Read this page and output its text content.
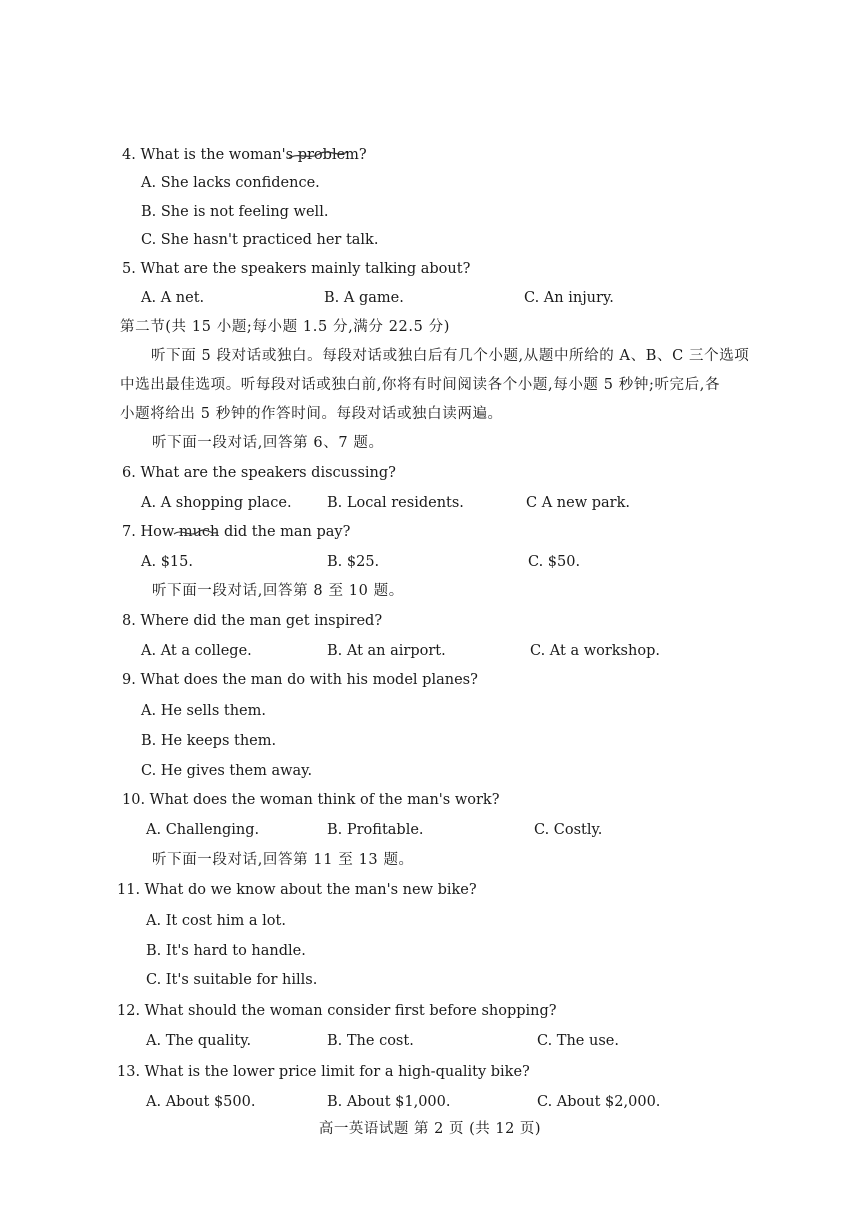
4. What is the woman's problem?
A. She lacks confidence.
B. She is not feeling well.
C. She hasn't practiced her talk.
5. What are the speakers mainly talking about?
A. A net.	B. A game.	C. An injury.
第二节(共 15 小题;每小题 1.5 分,满分 22.5 分)
听下面 5 段对话或独白。每段对话或独白后有几个小题,从题中所给的 A、B、C 三个选项
中选出最佳选项。听每段对话或独白前,你将有时间阅读各个小题,每小题 5 秒钟;听完后,各
小题将给出 5 秒钟的作答时间。每段对话或独白读两遍。
听下面一段对话,回答第 6、7 题。
6. What are the speakers discussing?
A. A shopping place. B. Local residents.	C A new park.
7. How much did the man pay?
A. $15.	B. $25.	C. $50.
听下面一段对话,回答第 8 至 10 题。
8. Where did the man get inspired?
A. At a college.	B. At an airport.	C. At a workshop.
9. What does the man do with his model planes?
A. He sells them.
B. He keeps them.
C. He gives them away.
10. What does the woman think of the man's work?
A. Challenging.	B. Profitable.	C. Costly.
听下面一段对话,回答第 11 至 13 题。
11. What do we know about the man's new bike?
A. It cost him a lot.
B. It's hard to handle.
C. It's suitable for hills.
12. What should the woman consider first before shopping?
A. The quality.	B. The cost.	C. The use.
13. What is the lower price limit for a high-quality bike?
A. About $500.	B. About $1,000.	C. About $2,000.
高一英语试题 第 2 页 (共 12 页)
